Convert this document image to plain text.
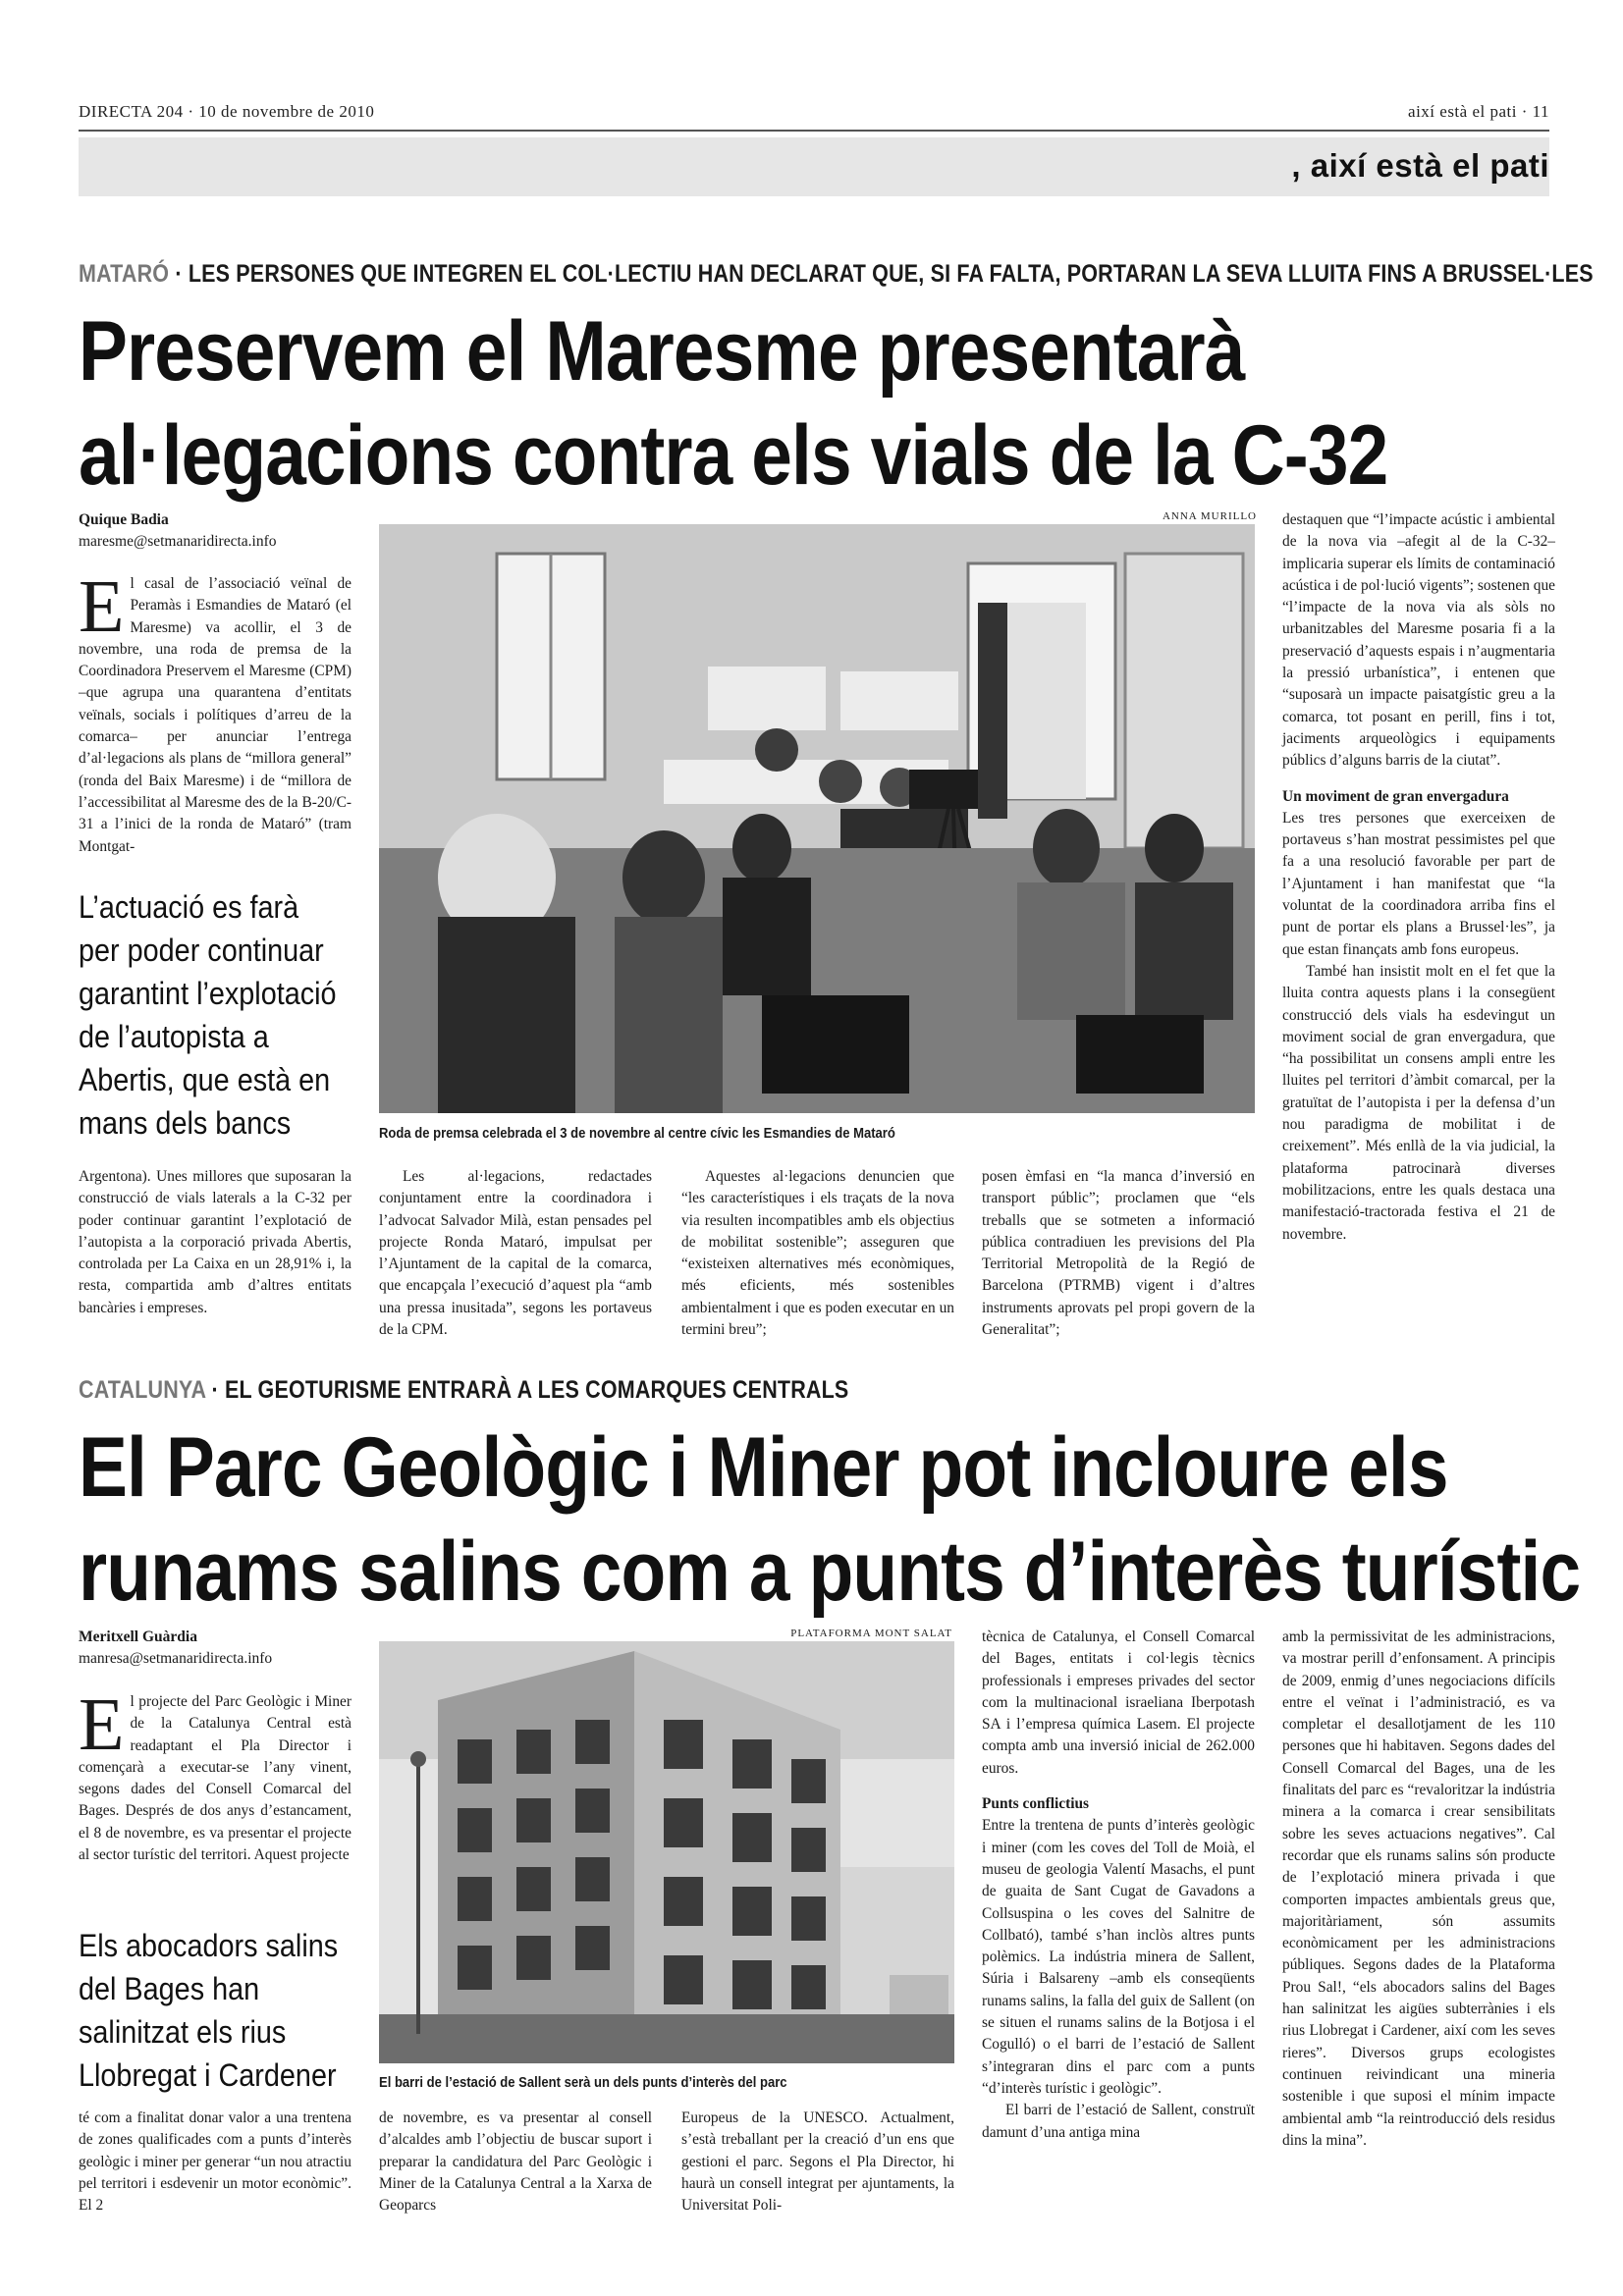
DIRECTA 204 · 10 de novembre de 2010	així està el pati · 11
, així està el pati
MATARÓ · LES PERSONES QUE INTEGREN EL COL·LECTIU HAN DECLARAT QUE, SI FA FALTA, PORTARAN LA SEVA LLUITA FINS A BRUSSEL·LES
Preservem el Maresme presentarà
al·legacions contra els vials de la C-32
Quique Badia
maresme@setmanaridirecta.info
E l casal de l’associació veïnal de Peramàs i Esmandies de Mataró (el Maresme) va acollir, el 3 de novembre, una roda de premsa de la Coordinadora Preservem el Maresme (CPM) –que agrupa una quarantena d’entitats veïnals, socials i polítiques d’arreu de la comarca– per anunciar l’entrega d’al·legacions als plans de “millora general” (ronda del Baix Maresme) i de “millora de l’accessibilitat al Maresme des de la B-20/C-31 a l’inici de la ronda de Mataró” (tram Montgat-
L’actuació es farà per poder continuar garantint l’explotació de l’autopista a Abertis, que està en mans dels bancs
Argentona). Unes millores que suposaran la construcció de vials laterals a la C-32 per poder continuar garantint l’explotació de l’autopista a la corporació privada Abertis, controlada per La Caixa en un 28,91% i, la resta, compartida amb d’altres entitats bancàries i empreses.
ANNA MURILLO
Roda de premsa celebrada el 3 de novembre al centre cívic les Esmandies de Mataró

Les al·legacions, redactades conjuntament entre la coordinadora i l’advocat Salvador Milà, estan pensades pel projecte Ronda Mataró, impulsat per l’Ajuntament de la capital de la comarca, que encapçala l’execució d’aquest pla “amb una pressa inusitada”, segons les portaveus de la CPM.

Aquestes al·legacions denuncien que “les característiques i els traçats de la nova via resulten incompatibles amb els objectius de mobilitat sostenible”; asseguren que “existeixen alternatives més econòmiques, més eficients, més sostenibles ambientalment i que es poden executar en un termini breu”;

posen èmfasi en “la manca d’inversió en transport públic”; proclamen que “els treballs que se sotmeten a informació pública contradiuen les previsions del Pla Territorial Metropolità de la Regió de Barcelona (PTRMB) vigent i d’altres instruments aprovats pel propi govern de la Generalitat”;

destaquen que “l’impacte acústic i ambiental de la nova via –afegit al de la C-32– implicaria superar els límits de contaminació acústica i de pol·lució vigents”; sostenen que “l’impacte de la nova via als sòls no urbanitzables del Maresme posaria fi a la preservació d’aquests espais i n’augmentaria la pressió urbanística”, i entenen que “suposarà un impacte paisatgístic greu a la comarca, tot posant en perill, fins i tot, jaciments arqueològics i equipaments públics d’alguns barris de la ciutat”.

Un moviment de gran envergadura

Les tres persones que exerceixen de portaveus s’han mostrat pessimistes pel que fa a una resolució favorable per part de l’Ajuntament i han manifestat que “la voluntat de la coordinadora arriba fins el punt de portar els plans a Brussel·les”, ja que estan finançats amb fons europeus.

També han insistit molt en el fet que la lluita contra aquests plans i la consegüent construcció dels vials ha esdevingut un moviment social de gran envergadura, que “ha possibilitat un consens ampli entre les lluites pel territori d’àmbit comarcal, per la gratuïtat de l’autopista i per la defensa d’un nou paradigma de mobilitat i de creixement”. Més enllà de la via judicial, la plataforma patrocinarà diverses mobilitzacions, entre les quals destaca una manifestació-tractorada festiva el 21 de novembre.

CATALUNYA · EL GEOTURISME ENTRARÀ A LES COMARQUES CENTRALS
El Parc Geològic i Miner pot incloure els
runams salins com a punts d’interès turístic
Meritxell Guàrdia
manresa@setmanaridirecta.info
E l projecte del Parc Geològic i Miner de la Catalunya Central està readaptant el Pla Director i començarà a executar-se l’any vinent, segons dades del Consell Comarcal del Bages. Després de dos anys d’estancament, el 8 de novembre, es va presentar el projecte al sector turístic del territori. Aquest projecte
Els abocadors salins del Bages han salinitzat els rius Llobregat i Cardener
té com a finalitat donar valor a una trentena de zones qualificades com a punts d’interès geològic i miner per generar “un nou atractiu pel territori i esdevenir un motor econòmic”. El 2
PLATAFORMA MONT SALAT
El barri de l’estació de Sallent serà un dels punts d’interès del parc
de novembre, es va presentar al consell d’alcaldes amb l’objectiu de buscar suport i preparar la candidatura del Parc Geològic i Miner de la Catalunya Central a la Xarxa de Geoparcs
Europeus de la UNESCO. Actualment, s’està treballant per la creació d’un ens que gestioni el parc. Segons el Pla Director, hi haurà un consell integrat per ajuntaments, la Universitat Poli-

tècnica de Catalunya, el Consell Comarcal del Bages, entitats i col·legis tècnics professionals i empreses privades del sector com la multinacional israeliana Iberpotash SA i l’empresa química Lasem. El projecte compta amb una inversió inicial de 262.000 euros.

Punts conflictius

Entre la trentena de punts d’interès geològic i miner (com les coves del Toll de Moià, el museu de geologia Valentí Masachs, el punt de guaita de Sant Cugat de Gavadons a Collsuspina o les coves del Salnitre de Collbató), també s’han inclòs altres punts polèmics. La indústria minera de Sallent, Súria i Balsareny –amb els conseqüents runams salins, la falla del guix de Sallent (on se situen el runams salins de la Botjosa i el Cogulló) o el barri de l’estació de Sallent s’integraran dins el parc com a punts “d’interès turístic i geològic”.

El barri de l’estació de Sallent, construït damunt d’una antiga mina

amb la permissivitat de les administracions, va mostrar perill d’enfonsament. A principis de 2009, enmig d’unes negociacions difícils entre el veïnat i l’administració, es va completar el desallotjament de les 110 persones que hi habitaven. Segons dades del Consell Comarcal del Bages, una de les finalitats del parc es “revaloritzar la indústria minera a la comarca i crear sensibilitats sobre les seves actuacions negatives”. Cal recordar que els runams salins són producte de l’explotació minera privada i que comporten impactes ambientals greus que, majoritàriament, són assumits econòmicament per les administracions públiques. Segons dades de la Plataforma Prou Sal!, “els abocadors salins del Bages han salinitzat les aigües subterrànies i els rius Llobregat i Cardener, així com les seves rieres”. Diversos grups ecologistes continuen reivindicant una mineria sostenible i que suposi el mínim impacte ambiental amb “la reintroducció dels residus dins la mina”.
